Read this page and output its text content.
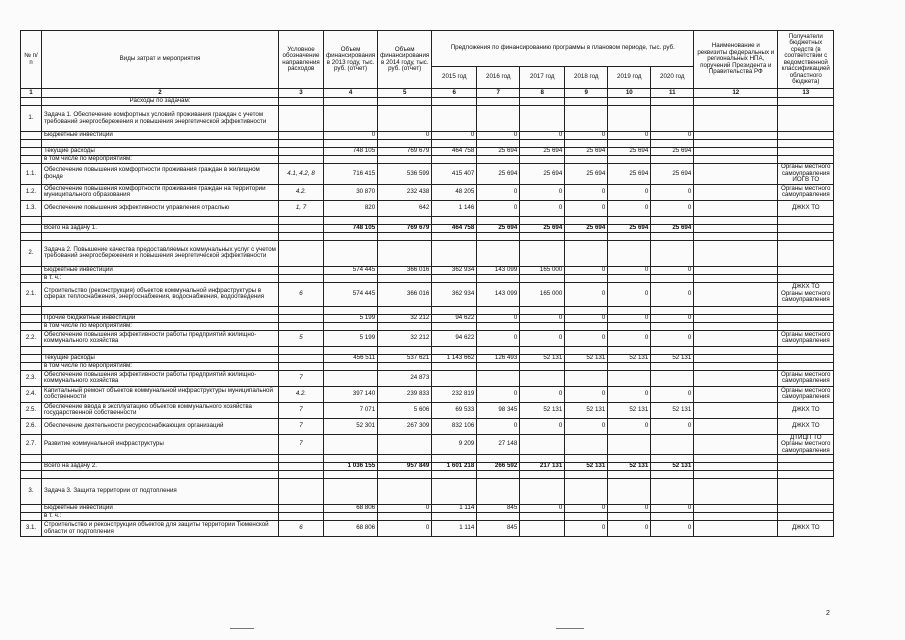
№ п/п	Виды затрат и мероприятия	Условное обозначение направления расходов	Объем финансирования в 2013 году, тыс. руб. (отчет)	Объем финансирования в 2014 году, тыс. руб. (отчет)	Предложения по финансированию программы в плановом периоде, тыс. руб.						Наименование и реквизиты федеральных и региональных НПА, поручений Президента и Правительства РФ	Получатели бюджетных средств (в соответствии с ведомственной классификацией областного бюджета)
					2015 год	2016 год	2017 год	2018 год	2019 год	2020 год		
1	2	3	4	5	6	7	8	9	10	11	12	13
	Расходы по задачам:											
1.	Задача 1. Обеспечение комфортных условий проживания граждан с учетом требований энергосбережения и повышения энергетической эффективности											
	Бюджетные инвестиции		0	0	0	0	0	0	0	0		

	Текущие расходы		748 105	769 679	464 758	25 694	25 694	25 694	25 694	25 694		
	в том числе по мероприятиям:											
1.1.	Обеспечение повышения комфортности проживания граждан в жилищном фонде	4.1, 4.2, 8	716 415	536 599	415 407	25 694	25 694	25 694	25 694	25 694		Органы местного самоуправления ИОГВ ТО
1.2.	Обеспечение повышения комфортности проживания граждан на территории муниципального образования	4.2.	30 870	232 438	48 205	0	0	0	0	0		Органы местного самоуправления
1.3.	Обеспечение повышения эффективности управления отраслью	1, 7	820	642	1 146	0	0	0	0	0		ДЖКХ ТО

	Всего на задачу 1.		748 105	769 679	464 758	25 694	25 694	25 694	25 694	25 694		

2.	Задача 2. Повышение качества предоставляемых коммунальных услуг с учетом требований энергосбережения и повышения энергетической эффективности											
	Бюджетные инвестиции		574 445	366 016	362 934	143 099	165 000	0	0	0		
	в т. ч.:											
2.1.	Строительство (реконструкция) объектов коммунальной инфраструктуры в сферах теплоснабжения, энергоснабжения, водоснабжения, водоотведения	6	574 445	366 016	362 934	143 099	165 000	0	0	0		ДЖКХ ТО Органы местного самоуправления

	Прочие бюджетные инвестиции		5 199	32 212	94 622	0	0	0	0	0		
	в том числе по мероприятиям:											
2.2.	Обеспечение повышения эффективности работы предприятий жилищно-коммунального хозяйства	5	5 199	32 212	94 622	0	0	0	0	0		Органы местного самоуправления

	Текущие расходы		456 511	537 621	1 143 662	126 493	52 131	52 131	52 131	52 131		
	в том числе по мероприятиям:											
2.3.	Обеспечение повышения эффективности работы предприятий жилищно-коммунального хозяйства	7		24 873								Органы местного самоуправления
2.4.	Капитальный ремонт объектов коммунальной инфраструктуры муниципальной собственности	4.2.	397 140	239 833	232 819	0	0	0	0	0		Органы местного самоуправления
2.5.	Обеспечение ввода в эксплуатацию объектов коммунального хозяйства государственной собственности	7	7 071	5 606	69 533	98 345	52 131	52 131	52 131	52 131		ДЖКХ ТО
2.6.	Обеспечение деятельности ресурсоснабжающих организаций	7	52 301	267 309	832 106	0	0	0	0	0		ДЖКХ ТО
2.7.	Развитие коммунальной инфраструктуры	7			9 209	27 148						ДТИЦП ТО Органы местного самоуправления

	Всего на задачу 2.		1 036 155	957 849	1 601 218	266 592	217 131	52 131	52 131	52 131		

3.	Задача 3. Защита территории от подтопления											
	Бюджетные инвестиции		68 806	0	1 114	845	0	0	0	0		
	в т. ч.:											
3.1.	Строительство и реконструкция объектов для защиты территории Тюменской области от подтопления	6	68 806	0	1 114	845		0	0	0		ДЖКХ ТО
2
